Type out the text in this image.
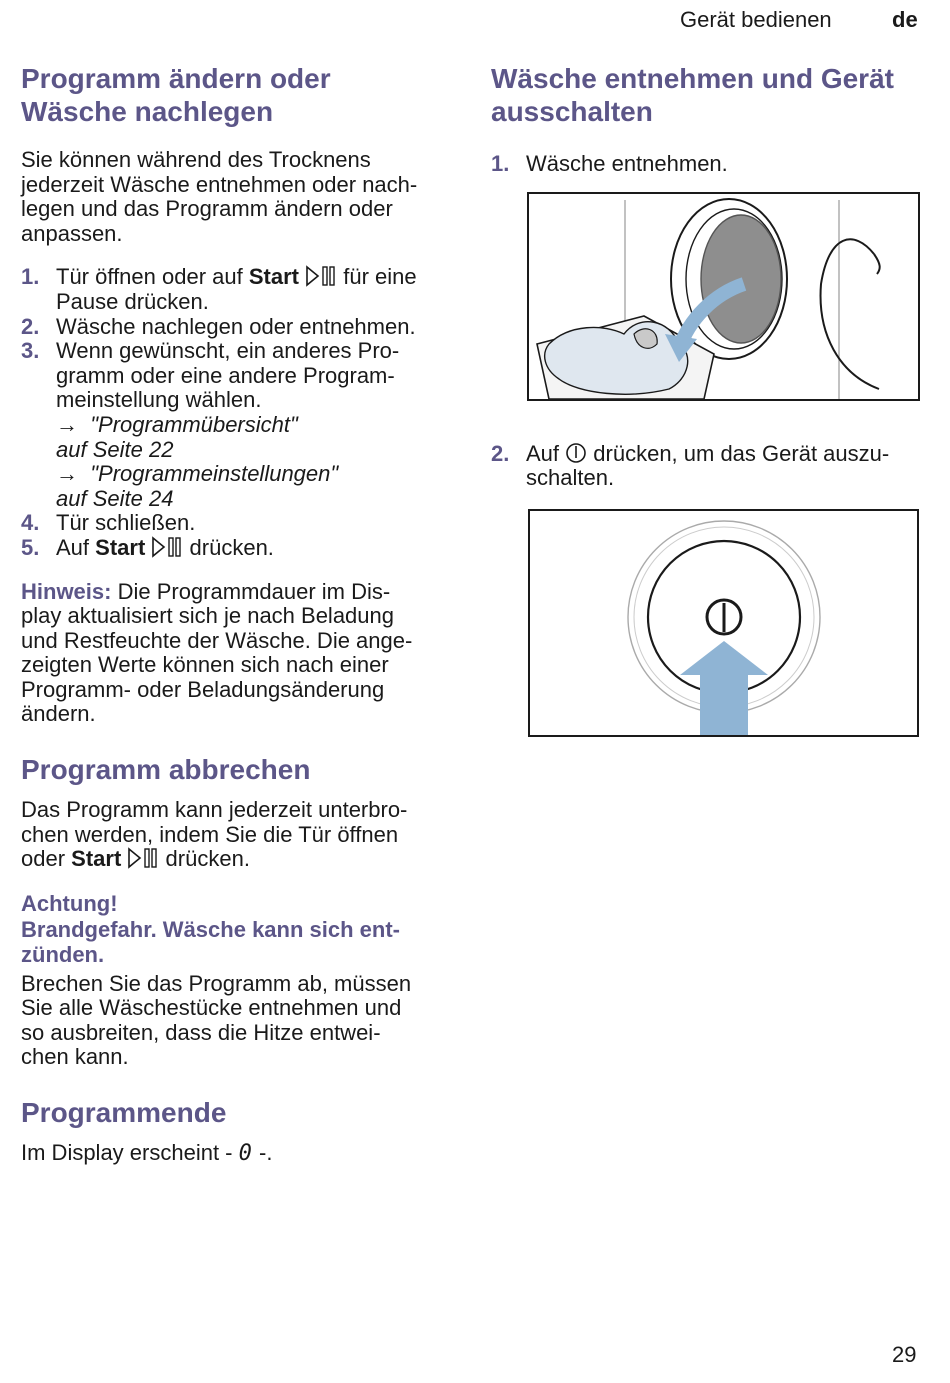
Gerät bedienen	de
Programm ändern oder
Wäsche nachlegen
Sie können während des Trocknens
jederzeit Wäsche entnehmen oder nach-
legen und das Programm ändern oder
anpassen.
1. Tür öffnen oder auf Start für eine
Pause drücken.
2. Wäsche nachlegen oder entnehmen.
3. Wenn gewünscht, ein anderes Pro-
gramm oder eine andere Program-
meinstellung wählen.
→ "Programmübersicht"
auf Seite 22
→ "Programmeinstellungen"
auf Seite 24
4. Tür schließen.
5. Auf Start drücken.
Hinweis: Die Programmdauer im Dis-
play aktualisiert sich je nach Beladung
und Restfeuchte der Wäsche. Die ange-
zeigten Werte können sich nach einer
Programm- oder Beladungsänderung
ändern.
Programm abbrechen
Das Programm kann jederzeit unterbro-
chen werden, indem Sie die Tür öffnen
oder Start drücken.
Achtung!
Brandgefahr. Wäsche kann sich ent-
zünden.
Brechen Sie das Programm ab, müssen
Sie alle Wäschestücke entnehmen und
so ausbreiten, dass die Hitze entwei-
chen kann.
Programmende
Im Display erscheint - 0 -.
Wäsche entnehmen und Gerät
ausschalten
1. Wäsche entnehmen.
2. Auf drücken, um das Gerät auszu-
schalten.
29
